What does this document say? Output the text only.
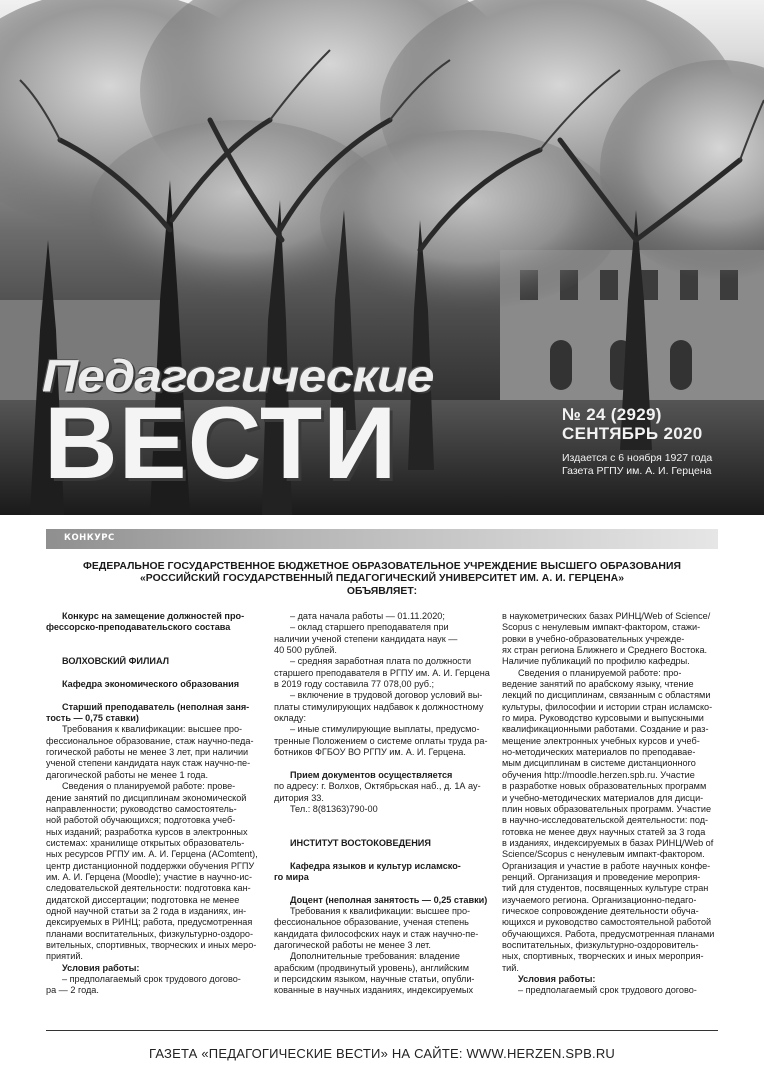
Педагогические
ВЕСТИ	№ 24 (2929)
СЕНТЯБРЬ 2020
Издается с 6 ноября 1927 года
Газета РГПУ им. А. И. Герцена
КОНКУРС
ФЕДЕРАЛЬНОЕ ГОСУДАРСТВЕННОЕ БЮДЖЕТНОЕ ОБРАЗОВАТЕЛЬНОЕ УЧРЕЖДЕНИЕ ВЫСШЕГО ОБРАЗОВАНИЯ
«РОССИЙСКИЙ ГОСУДАРСТВЕННЫЙ ПЕДАГОГИЧЕСКИЙ УНИВЕРСИТЕТ ИМ. А. И. ГЕРЦЕНА»
ОБЪЯВЛЯЕТ:
Конкурс на замещение должностей про-
фессорско-преподавательского состава
ВОЛХОВСКИЙ ФИЛИАЛ
Кафедра экономического образования
Старший преподаватель (неполная заня-
тость — 0,75 ставки)
Требования к квалификации: высшее про-
фессиональное образование, стаж научно-педа-
гогической работы не менее 3 лет, при наличии
ученой степени кандидата наук стаж научно-пе-
дагогической работы не менее 1 года.
Сведения о планируемой работе: прове-
дение занятий по дисциплинам экономической
направленности; руководство самостоятель-
ной работой обучающихся; подготовка учеб-
ных изданий; разработка курсов в электронных
системах: хранилище открытых образователь-
ных ресурсов РГПУ им. А. И. Герцена (AComtent),
центр дистанционной поддержки обучения РГПУ
им. А. И. Герцена (Moodle); участие в научно-ис-
следовательской деятельности: подготовка кан-
дидатской диссертации; подготовка не менее
одной научной статьи за 2 года в изданиях, ин-
дексируемых в РИНЦ; работа, предусмотренная
планами воспитательных, физкультурно-оздоро-
вительных, спортивных, творческих и иных меро-
приятий.
Условия работы:
– предполагаемый срок трудового догово-
ра — 2 года.
– дата начала работы — 01.11.2020;
– оклад старшего преподавателя при
наличии ученой степени кандидата наук —
40 500 рублей.
– средняя заработная плата по должности
старшего преподавателя в РГПУ им. А. И. Герцена
в 2019 году составила 77 078,00 руб.;
– включение в трудовой договор условий вы-
платы стимулирующих надбавок к должностному
окладу:
– иные стимулирующие выплаты, предусмо-
тренные Положением о системе оплаты труда ра-
ботников ФГБОУ ВО РГПУ им. А. И. Герцена.
Прием документов осуществляется
по адресу: г. Волхов, Октябрьская наб., д. 1А ау-
дитория 33.
Тел.: 8(81363)790-00
ИНСТИТУТ ВОСТОКОВЕДЕНИЯ
Кафедра языков и культур исламско-
го мира
Доцент (неполная занятость — 0,25 ставки)
Требования к квалификации: высшее про-
фессиональное образование, ученая степень
кандидата философских наук и стаж научно-пе-
дагогической работы не менее 3 лет.
Дополнительные требования: владение
арабским (продвинутый уровень), английским
и персидским языком, научные статьи, опубли-
кованные в научных изданиях, индексируемых
в наукометрических базах РИНЦ/Web of Science/
Scopus с ненулевым импакт-фактором, стажи-
ровки в учебно-образовательных учрежде-
ях стран региона Ближнего и Среднего Востока.
Наличие публикаций по профилю кафедры.
Сведения о планируемой работе: про-
ведение занятий по арабскому языку, чтение
лекций по дисциплинам, связанным с областями
культуры, философии и истории стран исламско-
го мира. Руководство курсовыми и выпускными
квалификационными работами. Создание и раз-
мещение электронных учебных курсов и учеб-
но-методических материалов по преподавае-
мым дисциплинам в системе дистанционного
обучения http://moodle.herzen.spb.ru. Участие
в разработке новых образовательных программ
и учебно-методических материалов для дисци-
плин новых образовательных программ. Участие
в научно-исследовательской деятельности: под-
готовка не менее двух научных статей за 3 года
в изданиях, индексируемых в базах РИНЦ/Web of
Science/Scopus с ненулевым импакт-фактором.
Организация и участие в работе научных конфе-
ренций. Организация и проведение мероприя-
тий для студентов, посвященных культуре стран
изучаемого региона. Организационно-педаго-
гическое сопровождение деятельности обуча-
ющихся и руководство самостоятельной работой
обучающихся. Работа, предусмотренная планами
воспитательных, физкультурно-оздоровитель-
ных, спортивных, творческих и иных мероприя-
тий.
Условия работы:
– предполагаемый срок трудового догово-
ГАЗЕТА «ПЕДАГОГИЧЕСКИЕ ВЕСТИ» НА САЙТЕ: WWW.HERZEN.SPB.RU
